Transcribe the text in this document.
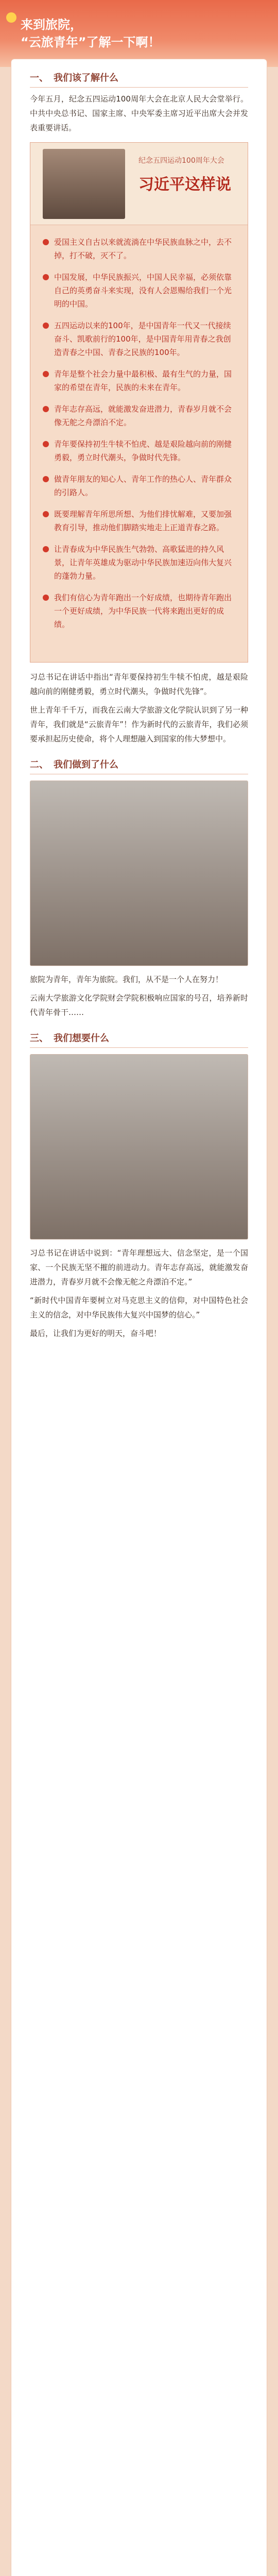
来到旅院，
“云旅青年”了解一下啊！
一、 我们该了解什么

今年五月，纪念五四运动100周年大会在北京人民大会堂举行。中共中央总书记、国家主席、中央军委主席习近平出席大会并发表重要讲话。

纪念五四运动100周年大会
习近平这样说
爱国主义自古以来就流淌在中华民族血脉之中，去不掉，打不破，灭不了。
中国发展，中华民族振兴，中国人民幸福，必须依靠自己的英勇奋斗来实现，没有人会恩赐给我们一个光明的中国。
五四运动以来的100年，是中国青年一代又一代接续奋斗、凯歌前行的100年，是中国青年用青春之我创造青春之中国、青春之民族的100年。
青年是整个社会力量中最积极、最有生气的力量，国家的希望在青年，民族的未来在青年。
青年志存高远，就能激发奋进潜力，青春岁月就不会像无舵之舟漂泊不定。
青年要保持初生牛犊不怕虎、越是艰险越向前的刚健勇毅，勇立时代潮头，争做时代先锋。
做青年朋友的知心人、青年工作的热心人、青年群众的引路人。
既要理解青年所思所想、为他们排忧解难，又要加强教育引导，推动他们脚踏实地走上正道青春之路。
让青春成为中华民族生气勃勃、高歌猛进的持久风景，让青年英雄成为驱动中华民族加速迈向伟大复兴的蓬勃力量。
我们有信心为青年跑出一个好成绩，也期待青年跑出一个更好成绩，为中华民族一代将来跑出更好的成绩。

习总书记在讲话中指出“青年要保持初生牛犊不怕虎，越是艰险越向前的刚健勇毅，勇立时代潮头，争做时代先锋”。

世上青年千千万，而我在云南大学旅游文化学院认识到了另一种青年，我们就是“云旅青年”！作为新时代的云旅青年，我们必须要承担起历史使命，将个人理想融入到国家的伟大梦想中。

二、 我们做到了什么

旅院为青年，青年为旅院。我们，从不是一个人在努力！

云南大学旅游文化学院财会学院积极响应国家的号召，培养新时代青年骨干……

三、 我们想要什么

习总书记在讲话中说到：“青年理想远大、信念坚定，是一个国家、一个民族无坚不摧的前进动力。青年志存高远，就能激发奋进潜力，青春岁月就不会像无舵之舟漂泊不定。”

“新时代中国青年要树立对马克思主义的信仰，对中国特色社会主义的信念，对中华民族伟大复兴中国梦的信心。”

最后，让我们为更好的明天，奋斗吧！
